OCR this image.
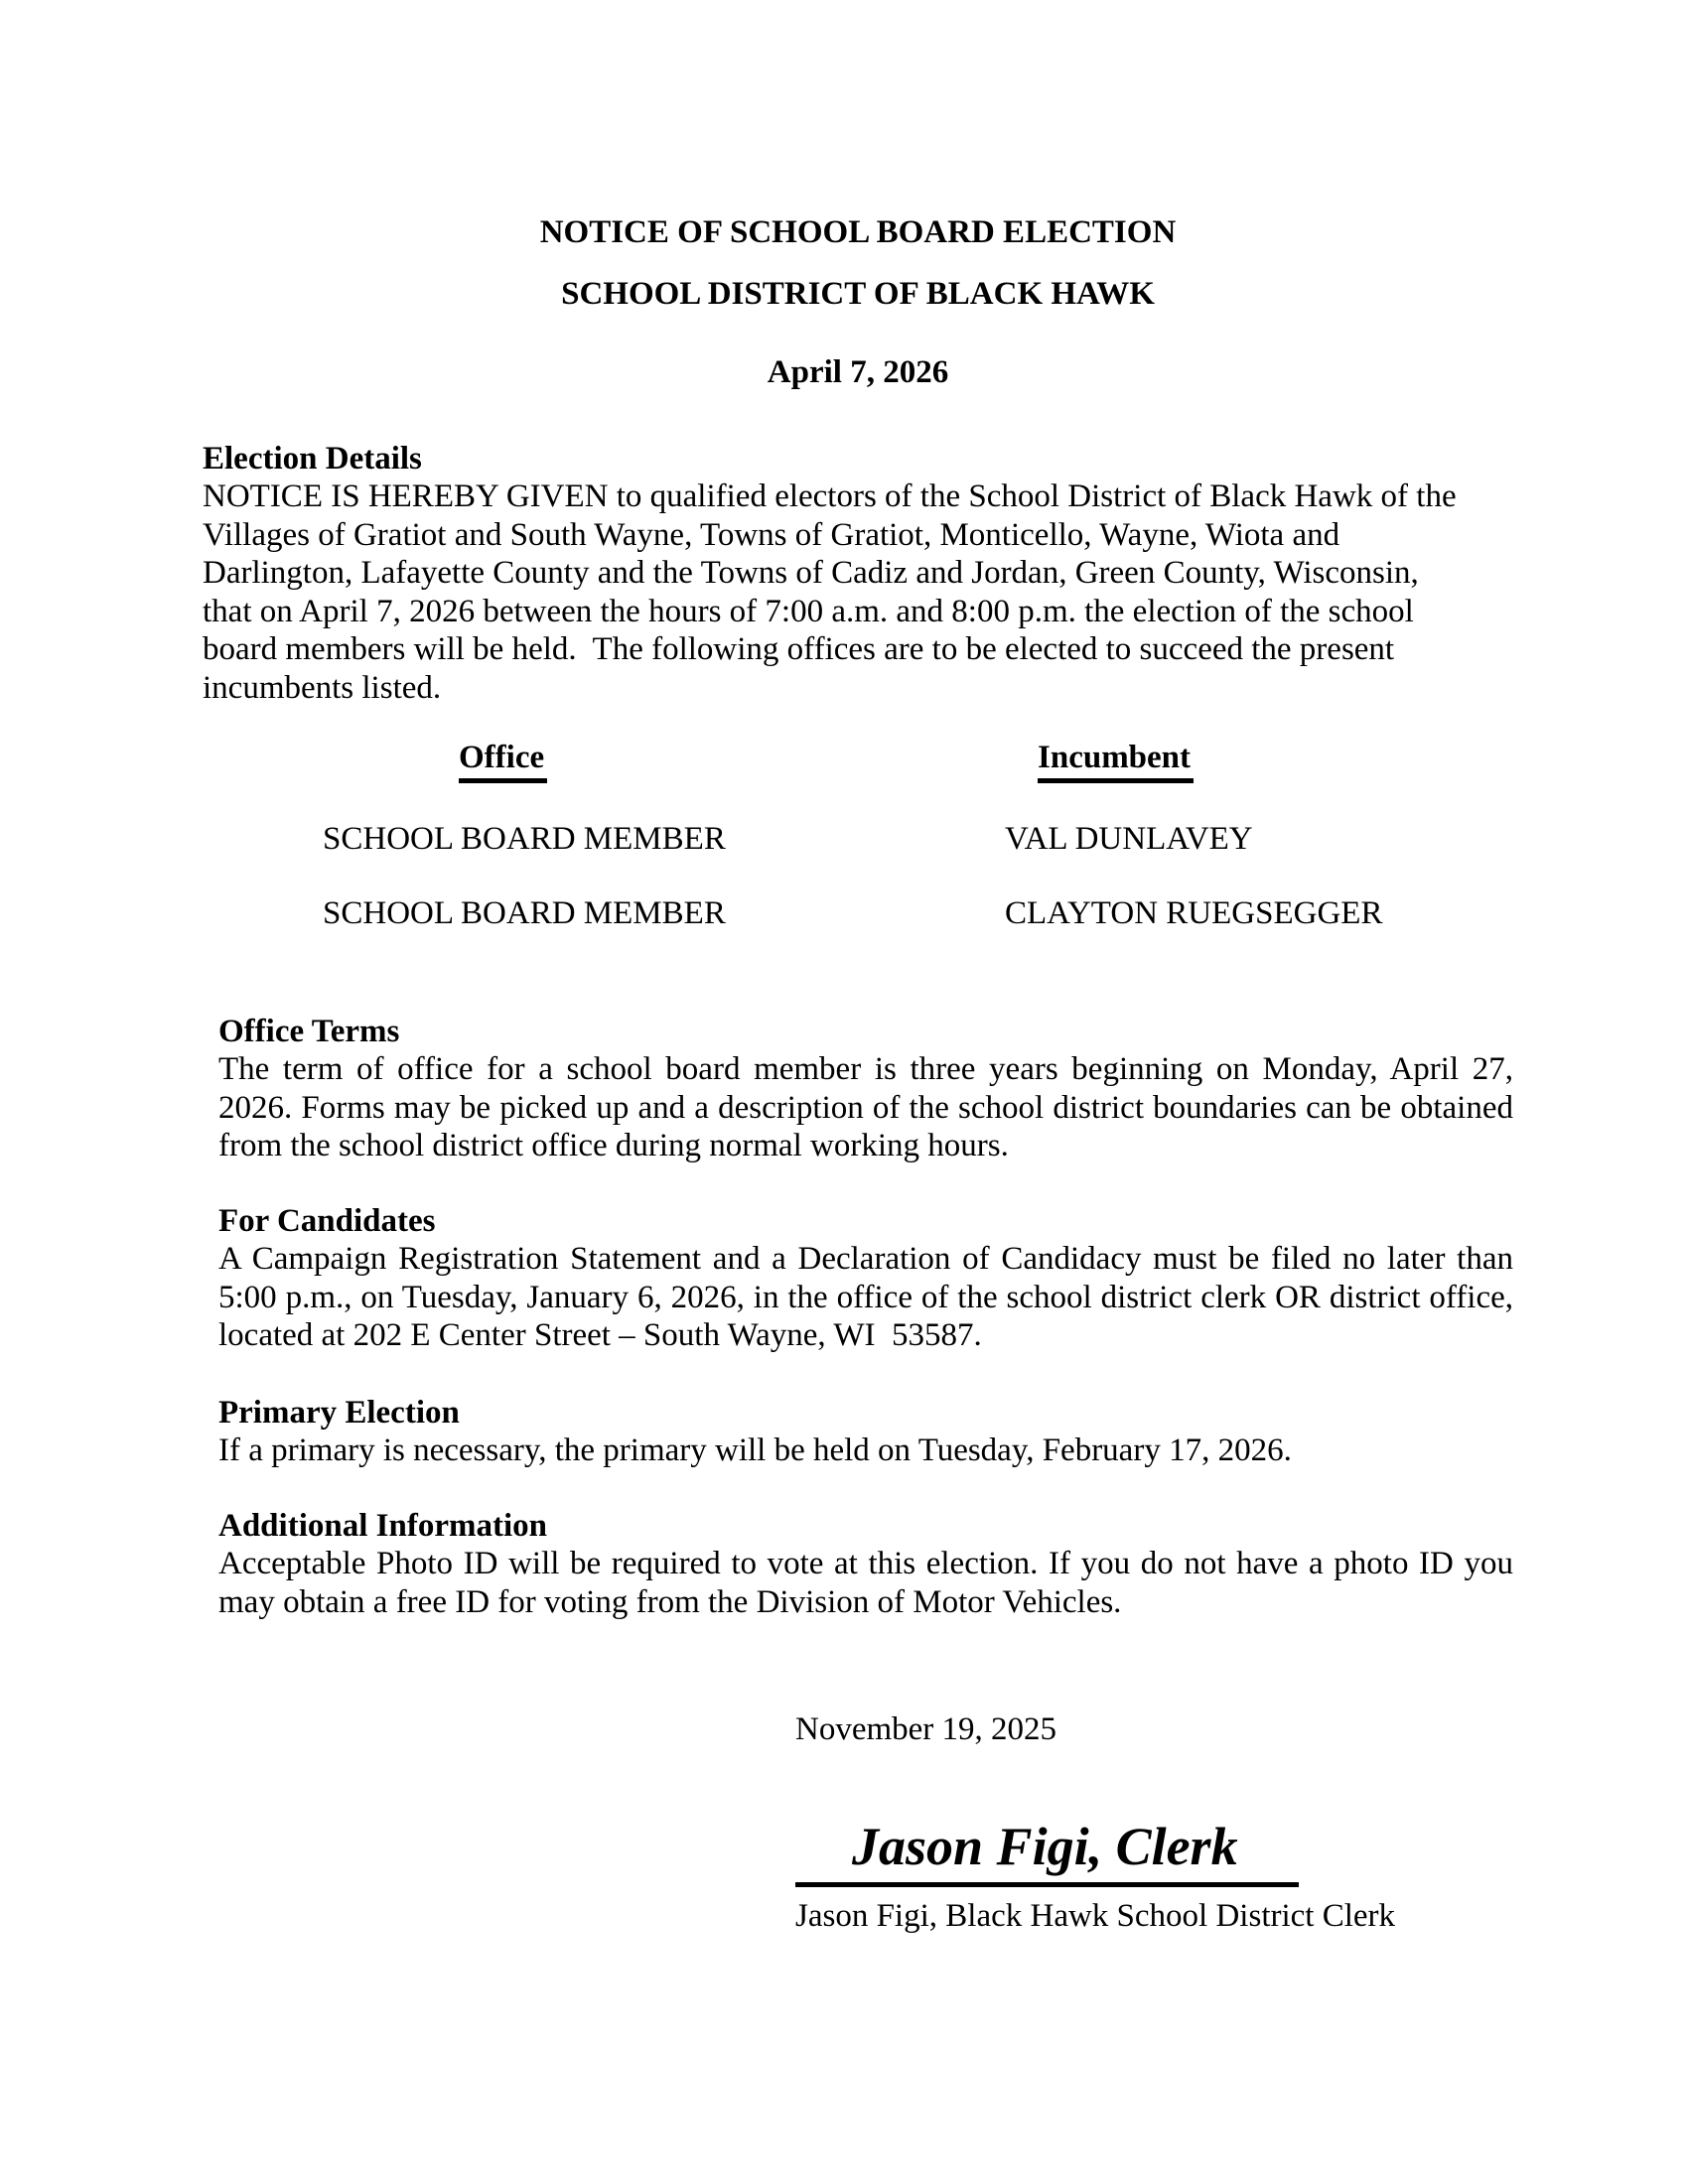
NOTICE OF SCHOOL BOARD ELECTION
SCHOOL DISTRICT OF BLACK HAWK
April 7, 2026
Election Details
NOTICE IS HEREBY GIVEN to qualified electors of the School District of Black Hawk of the
Villages of Gratiot and South Wayne, Towns of Gratiot, Monticello, Wayne, Wiota and
Darlington, Lafayette County and the Towns of Cadiz and Jordan, Green County, Wisconsin,
that on April 7, 2026 between the hours of 7:00 a.m. and 8:00 p.m. the election of the school
board members will be held.  The following offices are to be elected to succeed the present
incumbents listed.
Office	Incumbent
SCHOOL BOARD MEMBER	VAL DUNLAVEY
SCHOOL BOARD MEMBER	CLAYTON RUEGSEGGER
Office Terms
The term of office for a school board member is three years beginning on Monday, April 27,
2026. Forms may be picked up and a description of the school district boundaries can be obtained
from the school district office during normal working hours.
For Candidates
A Campaign Registration Statement and a Declaration of Candidacy must be filed no later than
5:00 p.m., on Tuesday, January 6, 2026, in the office of the school district clerk OR district office,
located at 202 E Center Street – South Wayne, WI  53587.
Primary Election
If a primary is necessary, the primary will be held on Tuesday, February 17, 2026.
Additional Information
Acceptable Photo ID will be required to vote at this election. If you do not have a photo ID you
may obtain a free ID for voting from the Division of Motor Vehicles.
November 19, 2025
Jason Figi, Clerk
Jason Figi, Black Hawk School District Clerk
